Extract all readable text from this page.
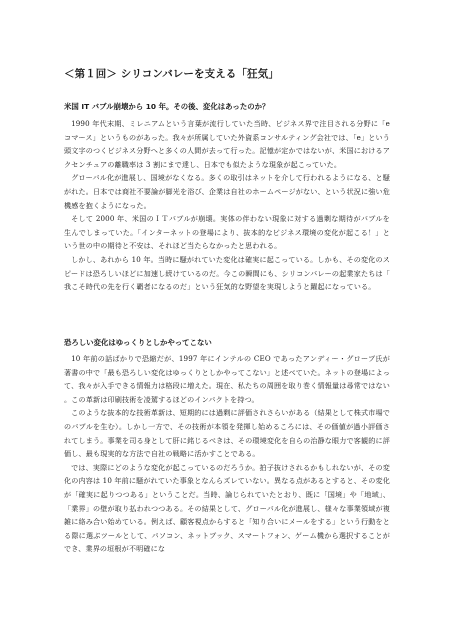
＜第１回＞ シリコンバレーを支える「狂気」
米国 IT バブル崩壊から 10 年。その後、変化はあったのか？

1990 年代末期、ミレニアムという言葉が流行していた当時、ビジネス界で注目される分野に「e コマース」というものがあった。我々が所属していた外資系コンサルティング会社では、「e」という頭文字のつくビジネス分野へと多くの人間が去って行った。記憶が定かではないが、米国におけるアクセンチュアの離職率は 3 割にまで達し、日本でも似たような現象が起こっていた。

グローバル化が進展し、国境がなくなる。多くの取引はネットを介して行われるようになる、と騒がれた。日本では商社不要論が脚光を浴び、企業は自社のホームページがない、という状況に強い危機感を抱くようになった。

そして 2000 年、米国のＩＴバブルが崩壊。実体の伴わない現象に対する過剰な期待がバブルを生んでしまっていた。「インターネットの登場により、抜本的なビジネス環境の変化が起こる！」という世の中の期待と不安は、それほど当たらなかったと思われる。

しかし、あれから 10 年。当時に騒がれていた変化は確実に起こっている。しかも、その変化のスピードは恐ろしいほどに加速し続けているのだ。今この瞬間にも、シリコンバレーの起業家たちは「我こそ時代の先を行く覇者になるのだ」という狂気的な野望を実現しようと躍起になっている。

恐ろしい変化はゆっくりとしかやってこない

10 年前の話ばかりで恐縮だが、1997 年にインテルの CEO であったアンディー・グローブ氏が著書の中で「最も恐ろしい変化はゆっくりとしかやってこない」と述べていた。ネットの登場によって、我々が入手できる情報力は格段に増えた。現在、私たちの周囲を取り巻く情報量は尋常ではない。この革新は印刷技術を凌駕するほどのインパクトを持つ。

このような抜本的な技術革新は、短期的には過剰に評価されさらいがある（結果として株式市場でのバブルを生む）。しかし一方で、その技術が本領を発揮し始めるころには、その価値が過小評価されてしまう。事業を司る身として肝に銘じるべきは、その環境変化を自らの治静な眼力で客観的に評価し、最も現実的な方法で自社の戦略に活かすことである。

では、実際にどのような変化が起こっているのだろうか。拍子抜けされるかもしれないが、その変化の内容は 10 年前に騒がれていた事象となんらズレていない。異なる点があるとすると、その変化が「確実に起りつつある」ということだ。当時、論じられていたとおり、既に「国境」や「地域」、「業界」の壁が取り払われつつある。その結果として、グローバル化が進展し、様々な事業領域が複雑に絡み合い始めている。例えば、顧客視点からすると「知り合いにメールをする」という行動をとる際に選ぶツールとして、パソコン、ネットブック、スマートフォン、ゲーム機から選択することができ、業界の垣根が不明確にな
